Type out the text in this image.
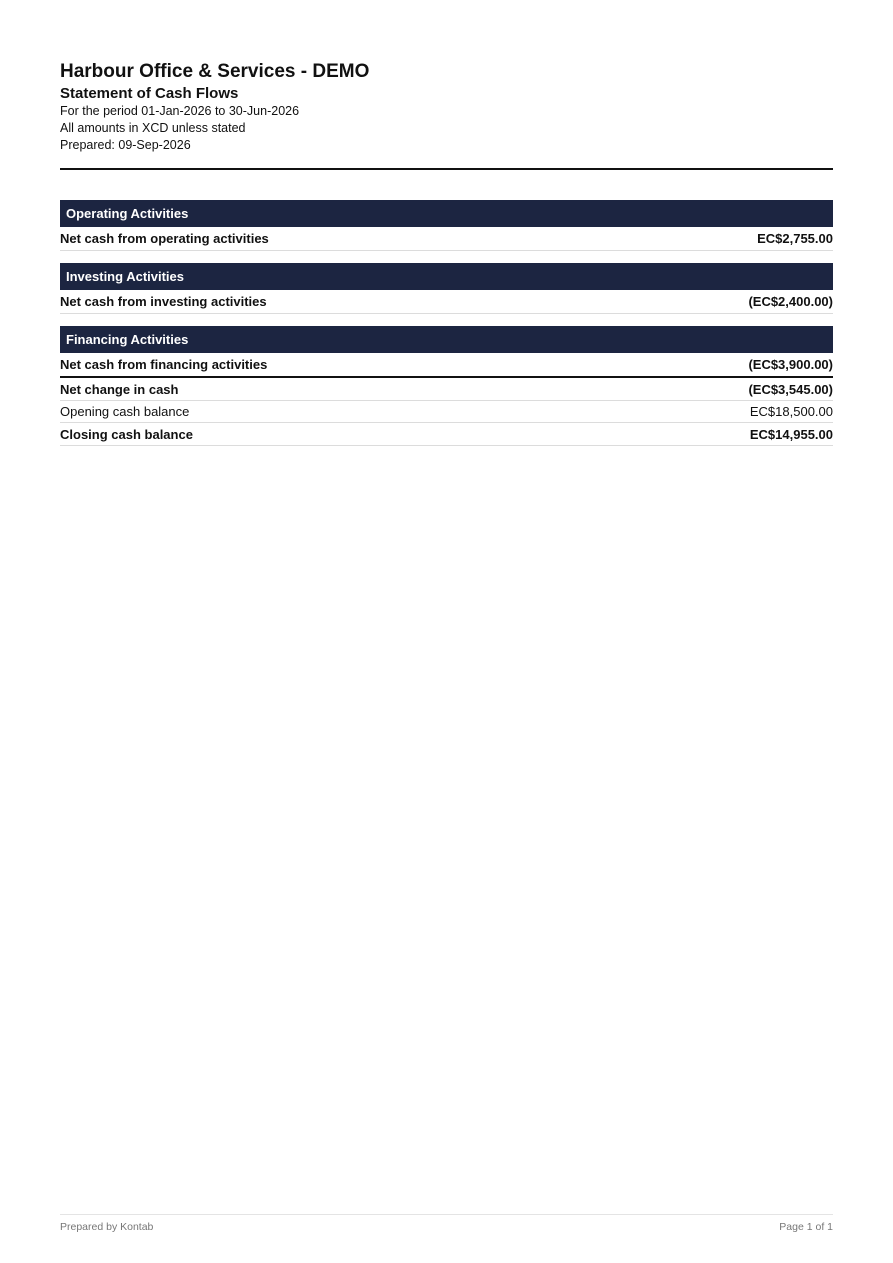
Harbour Office & Services - DEMO

Statement of Cash Flows

For the period 01-Jan-2026 to 30-Jun-2026

All amounts in XCD unless stated

Prepared: 09-Sep-2026

Operating Activities
Net cash from operating activities	EC$2,755.00
Investing Activities
Net cash from investing activities	(EC$2,400.00)
Financing Activities
Net cash from financing activities	(EC$3,900.00)
Net change in cash	(EC$3,545.00)
Opening cash balance	EC$18,500.00
Closing cash balance	EC$14,955.00
Prepared by Kontab	Page 1 of 1
